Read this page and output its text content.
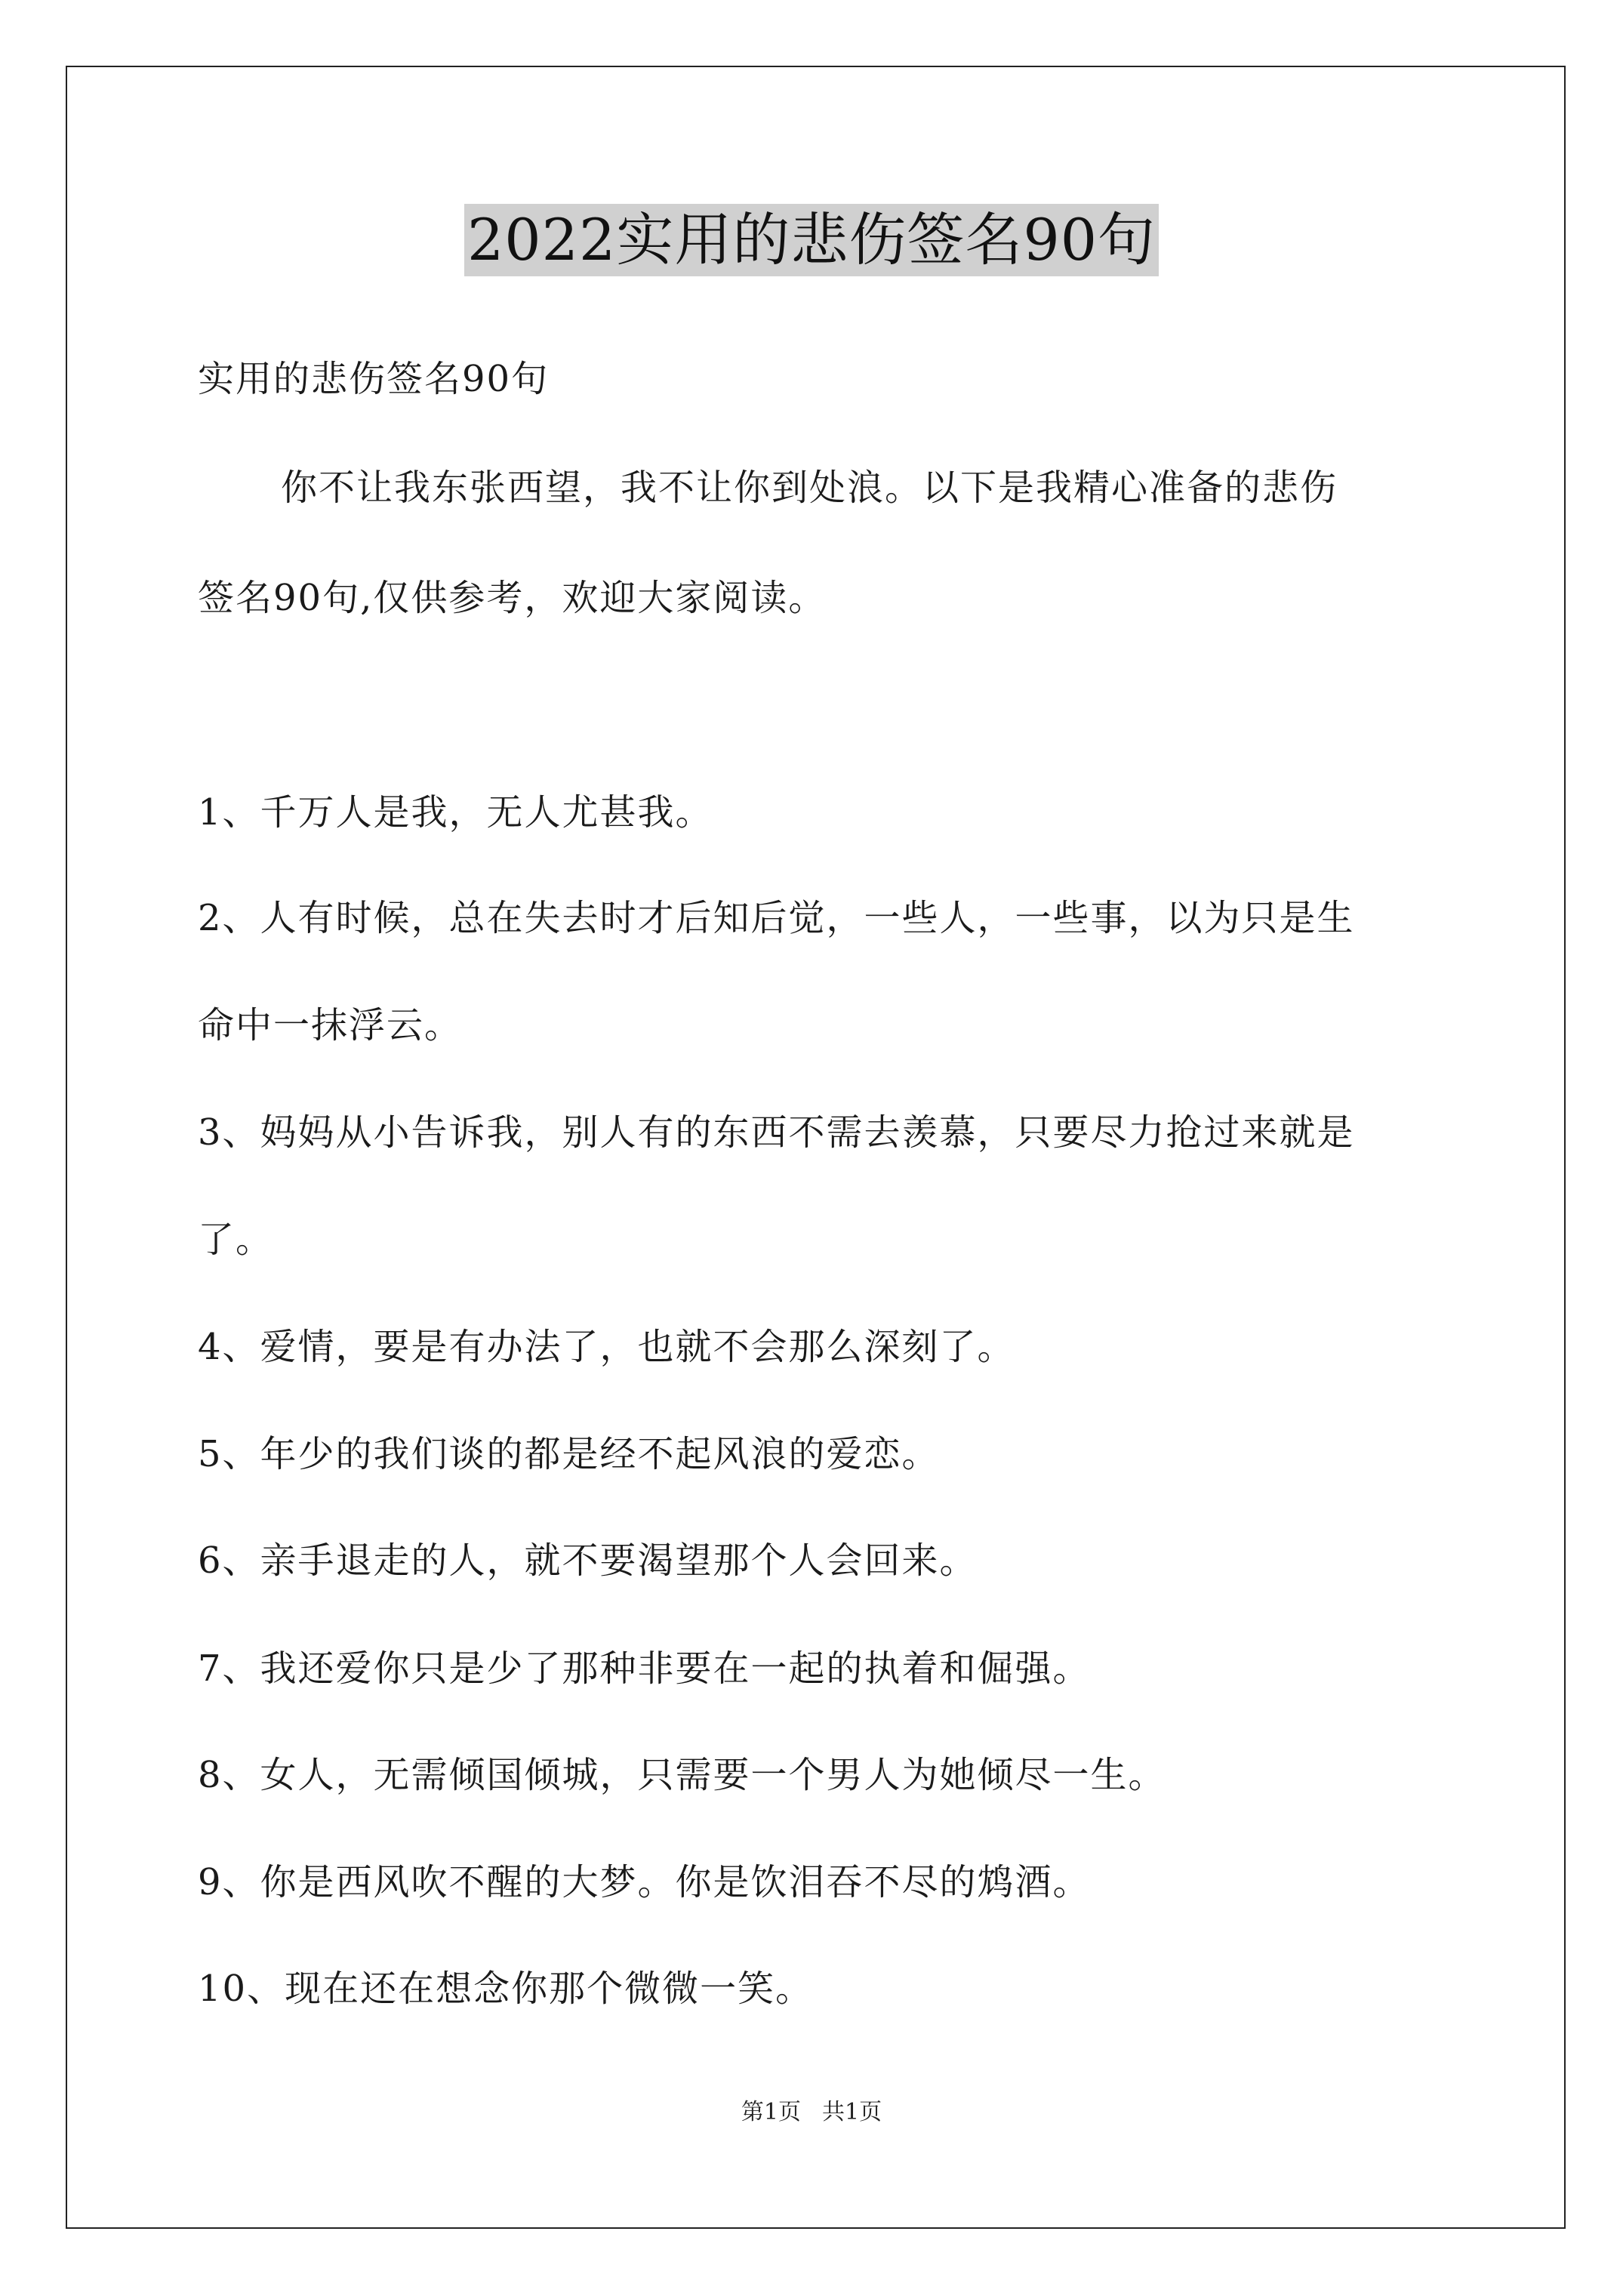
2022实用的悲伤签名90句
实用的悲伤签名90句
你不让我东张西望，我不让你到处浪。以下是我精心准备的悲伤
签名90句,仅供参考，欢迎大家阅读。
1、千万人是我，无人尤甚我。
2、人有时候，总在失去时才后知后觉，一些人，一些事，以为只是生
命中一抹浮云。
3、妈妈从小告诉我，别人有的东西不需去羡慕，只要尽力抢过来就是
了。
4、爱情，要是有办法了，也就不会那么深刻了。
5、年少的我们谈的都是经不起风浪的爱恋。
6、亲手退走的人，就不要渴望那个人会回来。
7、我还爱你只是少了那种非要在一起的执着和倔强。
8、女人，无需倾国倾城，只需要一个男人为她倾尽一生。
9、你是西风吹不醒的大梦。你是饮泪吞不尽的鸩酒。
10、现在还在想念你那个微微一笑。
第1页 共1页
